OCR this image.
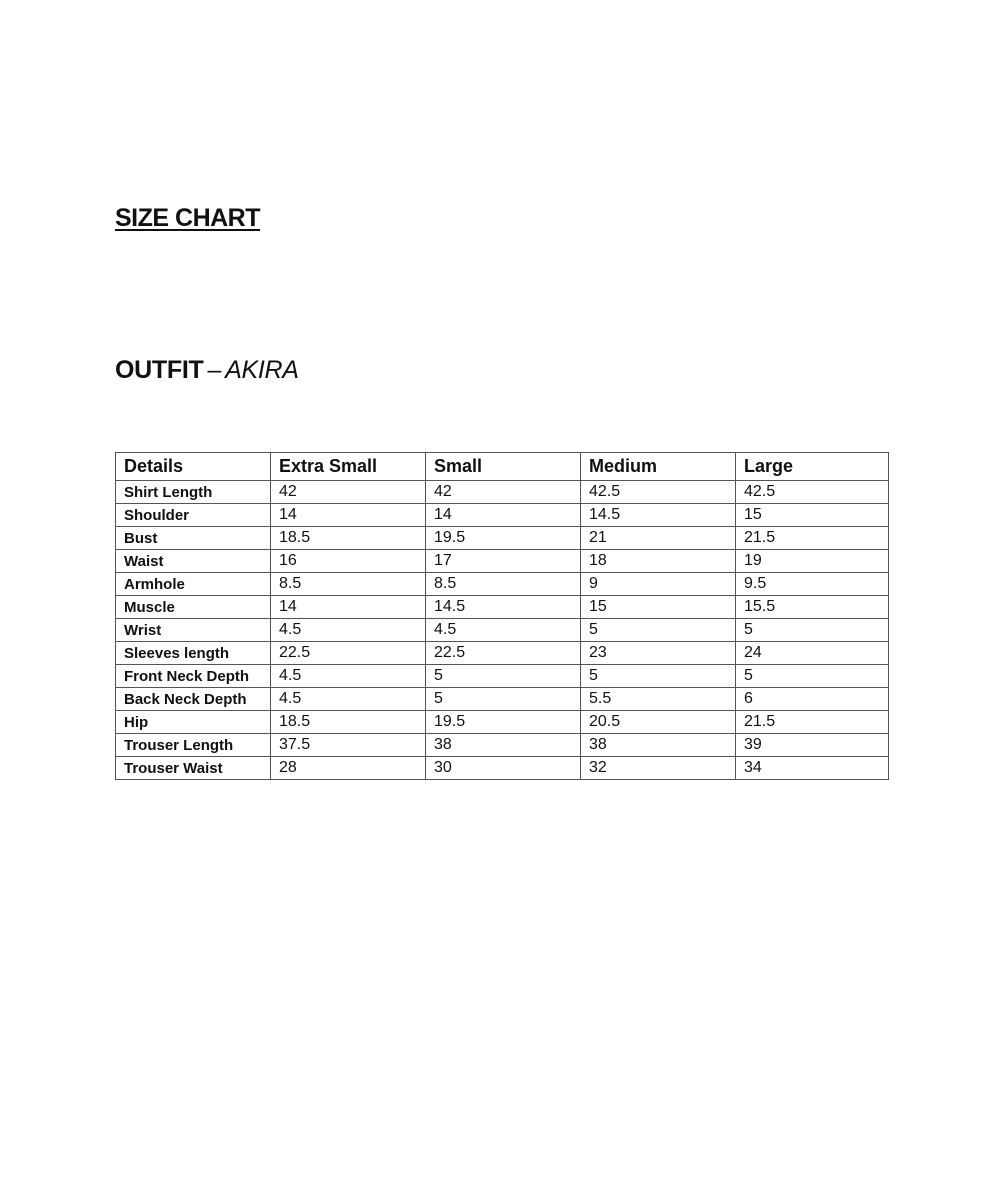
SIZE CHART
OUTFIT – AKIRA
Details	Extra Small	Small	Medium	Large
Shirt Length	42	42	42.5	42.5
Shoulder	14	14	14.5	15
Bust	18.5	19.5	21	21.5
Waist	16	17	18	19
Armhole	8.5	8.5	9	9.5
Muscle	14	14.5	15	15.5
Wrist	4.5	4.5	5	5
Sleeves length	22.5	22.5	23	24
Front Neck Depth	4.5	5	5	5
Back Neck Depth	4.5	5	5.5	6
Hip	18.5	19.5	20.5	21.5
Trouser Length	37.5	38	38	39
Trouser Waist	28	30	32	34
